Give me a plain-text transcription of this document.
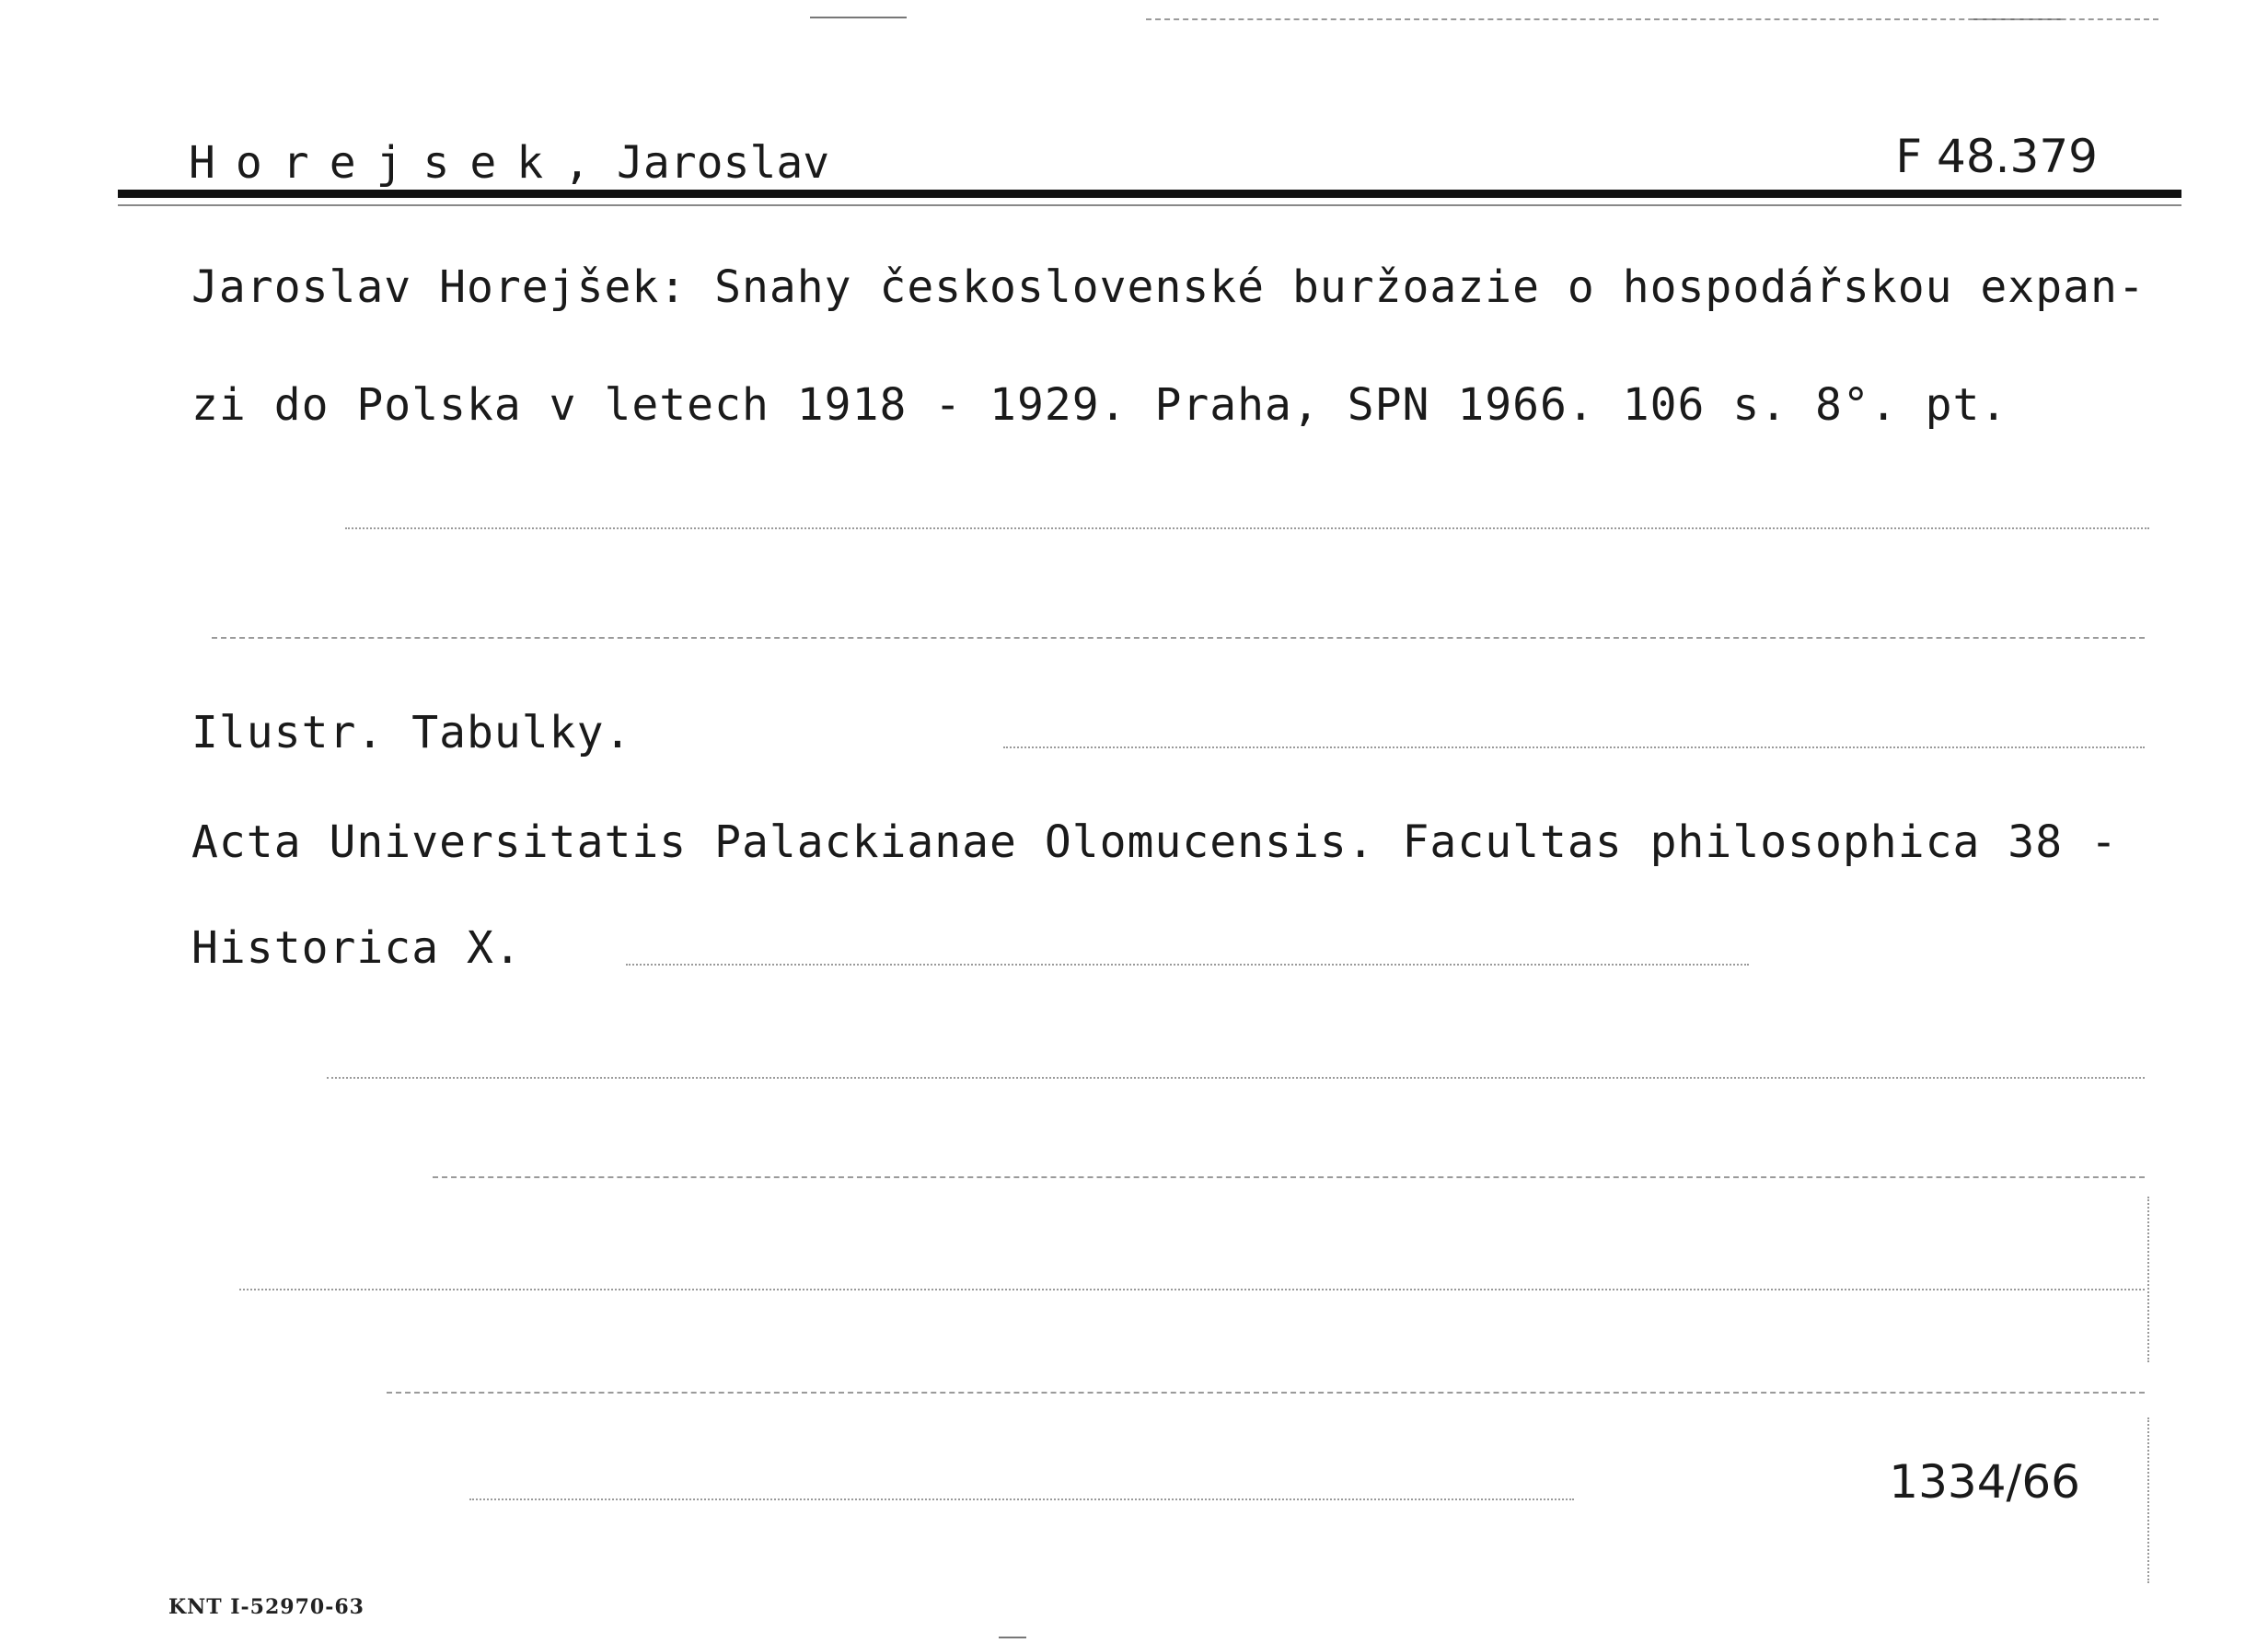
Horejsek, Jaroslav	F 48.379
Jaroslav Horejšek: Snahy československé buržoazie o hospodářskou expan-
zi do Polska v letech 1918 - 1929. Praha, SPN 1966. 106 s. 8°. pt.
Ilustr. Tabulky.
Acta Universitatis Palackianae Olomucensis. Facultas philosophica 38 -
Historica X.
1334/66
KNT I-52970-63
